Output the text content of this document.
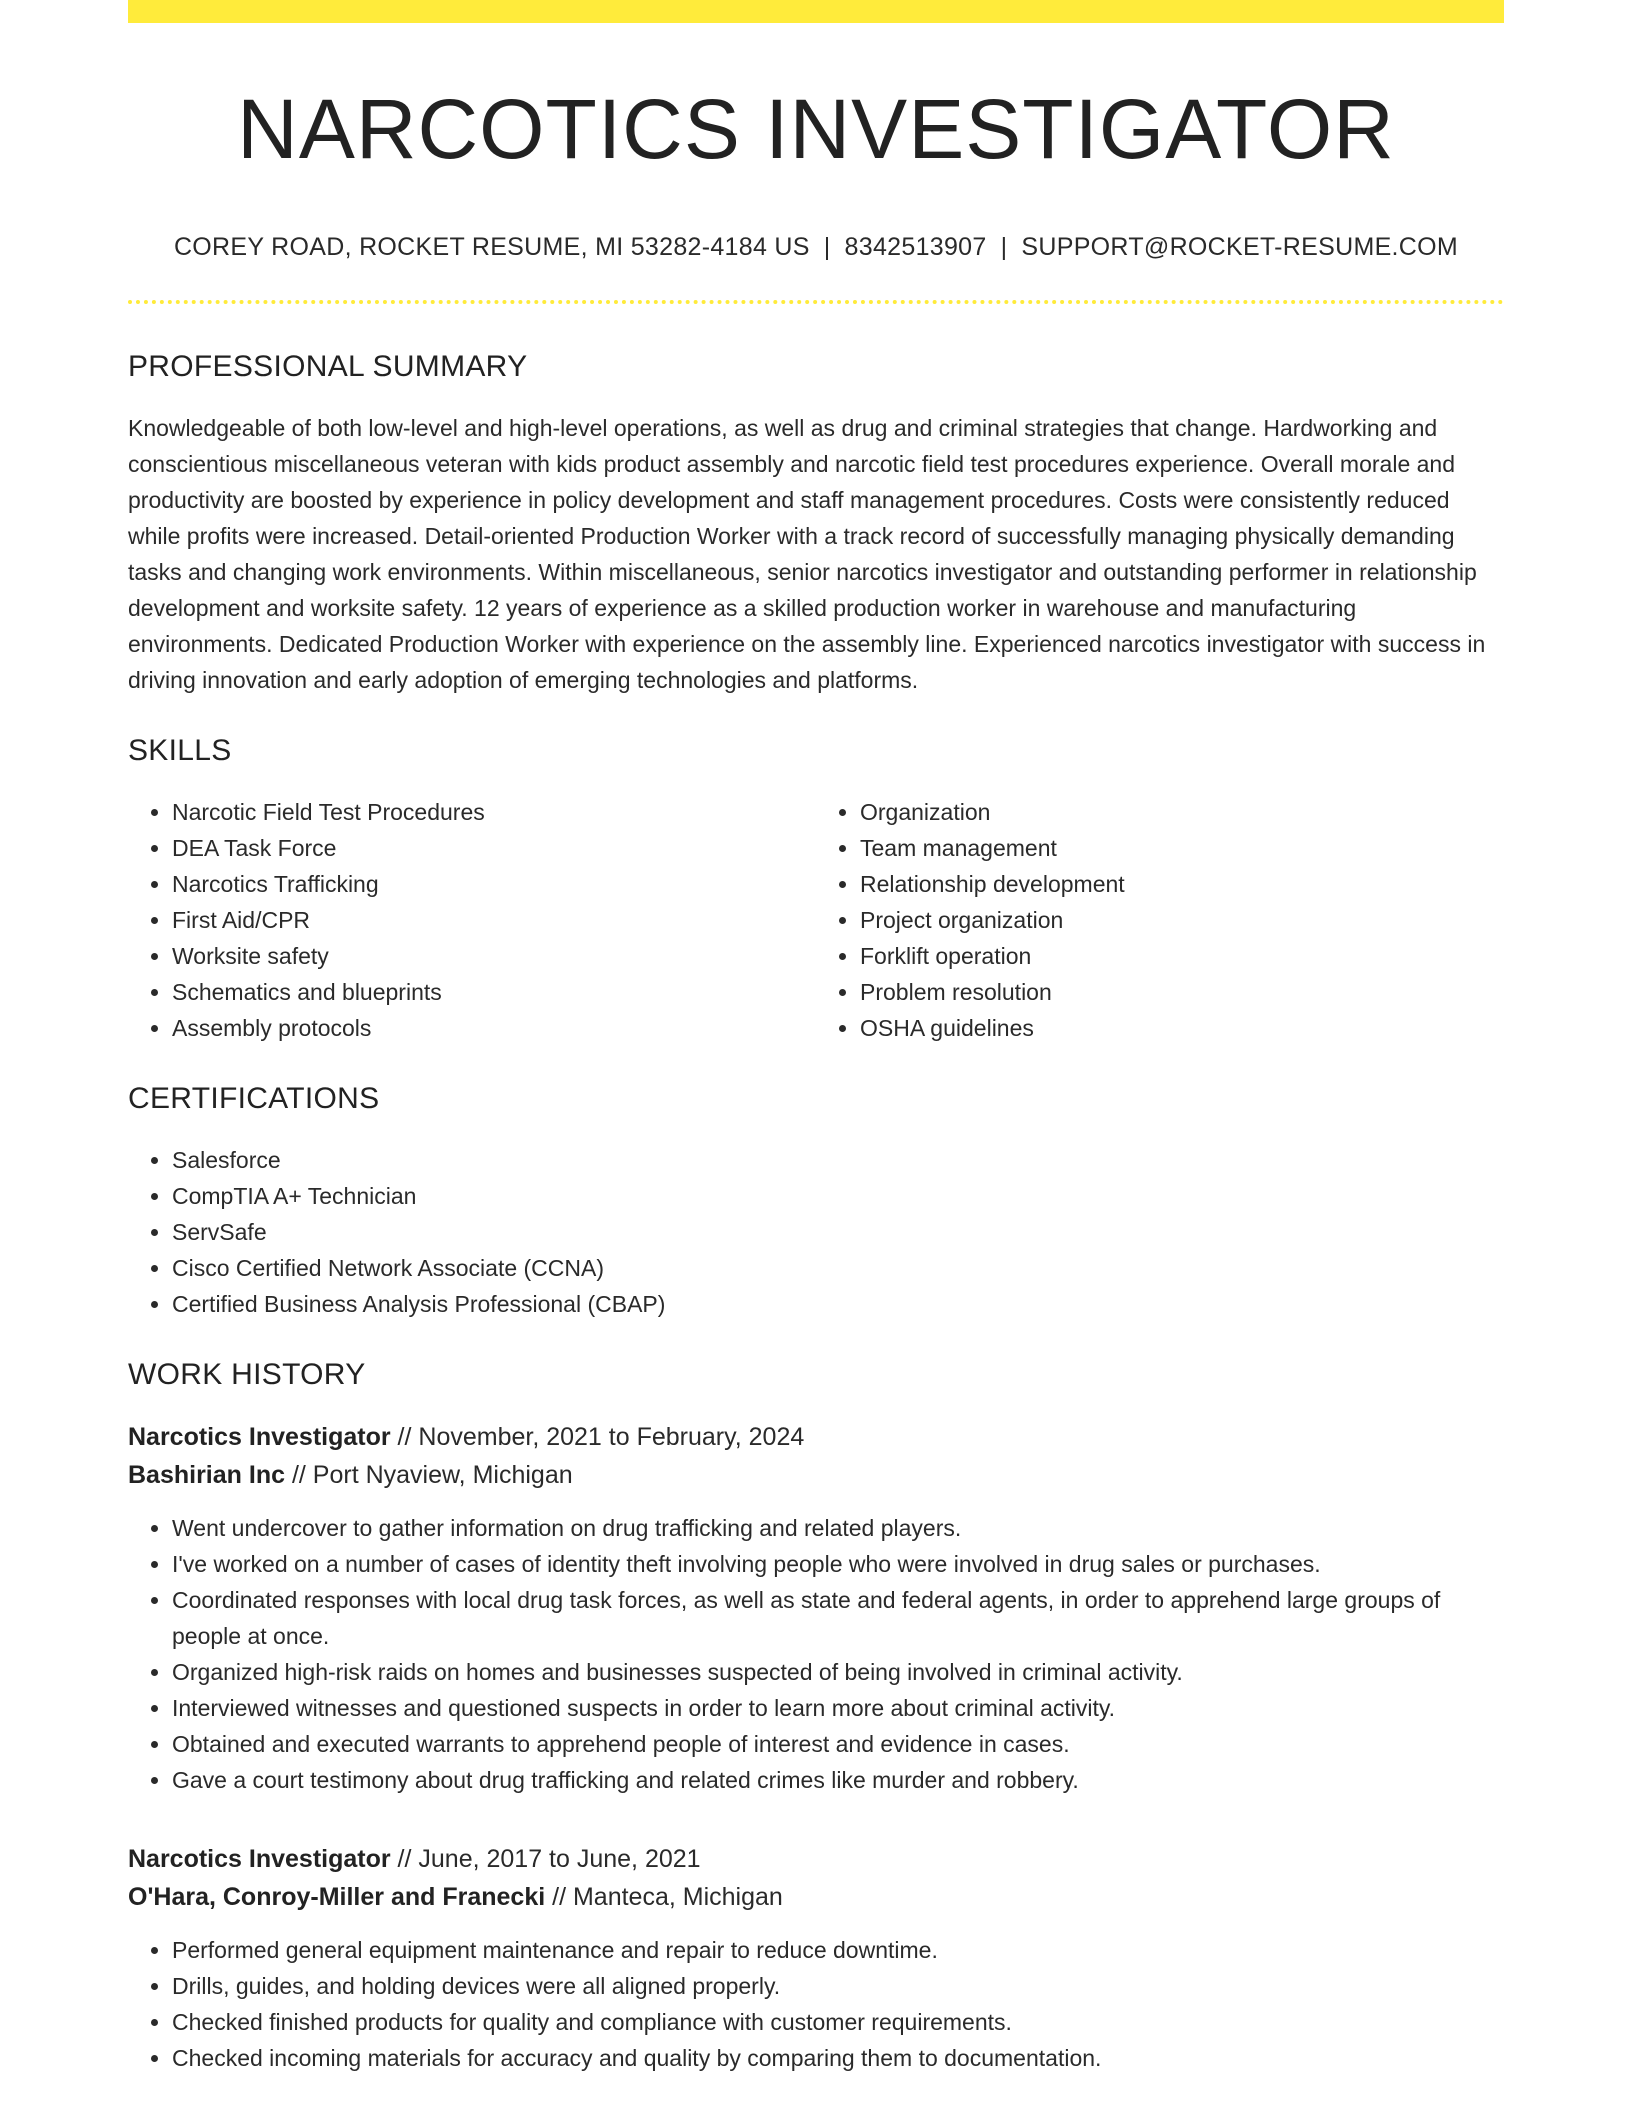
NARCOTICS INVESTIGATOR
COREY ROAD, ROCKET RESUME, MI 53282-4184 US | 8342513907 | SUPPORT@ROCKET-RESUME.COM
PROFESSIONAL SUMMARY

Knowledgeable of both low-level and high-level operations, as well as drug and criminal strategies that change. Hardworking and conscientious miscellaneous veteran with kids product assembly and narcotic field test procedures experience. Overall morale and productivity are boosted by experience in policy development and staff management procedures. Costs were consistently reduced while profits were increased. Detail-oriented Production Worker with a track record of successfully managing physically demanding tasks and changing work environments. Within miscellaneous, senior narcotics investigator and outstanding performer in relationship development and worksite safety. 12 years of experience as a skilled production worker in warehouse and manufacturing environments. Dedicated Production Worker with experience on the assembly line. Experienced narcotics investigator with success in driving innovation and early adoption of emerging technologies and platforms.

SKILLS
• Narcotic Field Test Procedures
• DEA Task Force
• Narcotics Trafficking
• First Aid/CPR
• Worksite safety
• Schematics and blueprints
• Assembly protocols
• Organization
• Team management
• Relationship development
• Project organization
• Forklift operation
• Problem resolution
• OSHA guidelines
CERTIFICATIONS
• Salesforce
• CompTIA A+ Technician
• ServSafe
• Cisco Certified Network Associate (CCNA)
• Certified Business Analysis Professional (CBAP)
WORK HISTORY
Narcotics Investigator // November, 2021 to February, 2024
Bashirian Inc // Port Nyaview, Michigan
• Went undercover to gather information on drug trafficking and related players.
• I've worked on a number of cases of identity theft involving people who were involved in drug sales or purchases.
• Coordinated responses with local drug task forces, as well as state and federal agents, in order to apprehend large groups of people at once.
• Organized high-risk raids on homes and businesses suspected of being involved in criminal activity.
• Interviewed witnesses and questioned suspects in order to learn more about criminal activity.
• Obtained and executed warrants to apprehend people of interest and evidence in cases.
• Gave a court testimony about drug trafficking and related crimes like murder and robbery.
Narcotics Investigator // June, 2017 to June, 2021
O'Hara, Conroy-Miller and Franecki // Manteca, Michigan
• Performed general equipment maintenance and repair to reduce downtime.
• Drills, guides, and holding devices were all aligned properly.
• Checked finished products for quality and compliance with customer requirements.
• Checked incoming materials for accuracy and quality by comparing them to documentation.
